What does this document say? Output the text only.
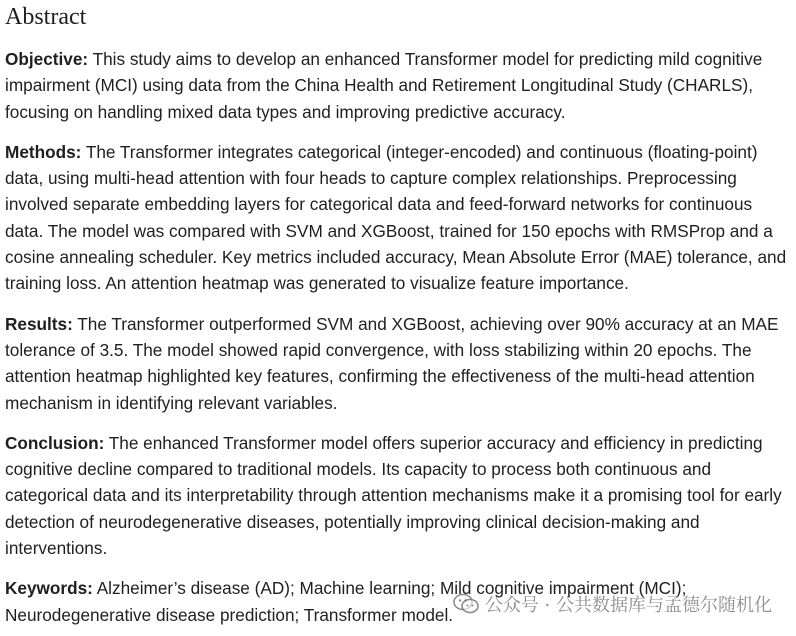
Abstract

Objective: This study aims to develop an enhanced Transformer model for predicting mild cognitive impairment (MCI) using data from the China Health and Retirement Longitudinal Study (CHARLS), focusing on handling mixed data types and improving predictive accuracy.

Methods: The Transformer integrates categorical (integer-encoded) and continuous (floating-point) data, using multi-head attention with four heads to capture complex relationships. Preprocessing involved separate embedding layers for categorical data and feed-forward networks for continuous data. The model was compared with SVM and XGBoost, trained for 150 epochs with RMSProp and a cosine annealing scheduler. Key metrics included accuracy, Mean Absolute Error (MAE) tolerance, and training loss. An attention heatmap was generated to visualize feature importance.

Results: The Transformer outperformed SVM and XGBoost, achieving over 90% accuracy at an MAE tolerance of 3.5. The model showed rapid convergence, with loss stabilizing within 20 epochs. The attention heatmap highlighted key features, confirming the effectiveness of the multi-head attention mechanism in identifying relevant variables.

Conclusion: The enhanced Transformer model offers superior accuracy and efficiency in predicting cognitive decline compared to traditional models. Its capacity to process both continuous and categorical data and its interpretability through attention mechanisms make it a promising tool for early detection of neurodegenerative diseases, potentially improving clinical decision-making and interventions.

Keywords: Alzheimer’s disease (AD); Machine learning; Mild cognitive impairment (MCI); Neurodegenerative disease prediction; Transformer model.	公众号 · 公共数据库与孟德尔随机化
